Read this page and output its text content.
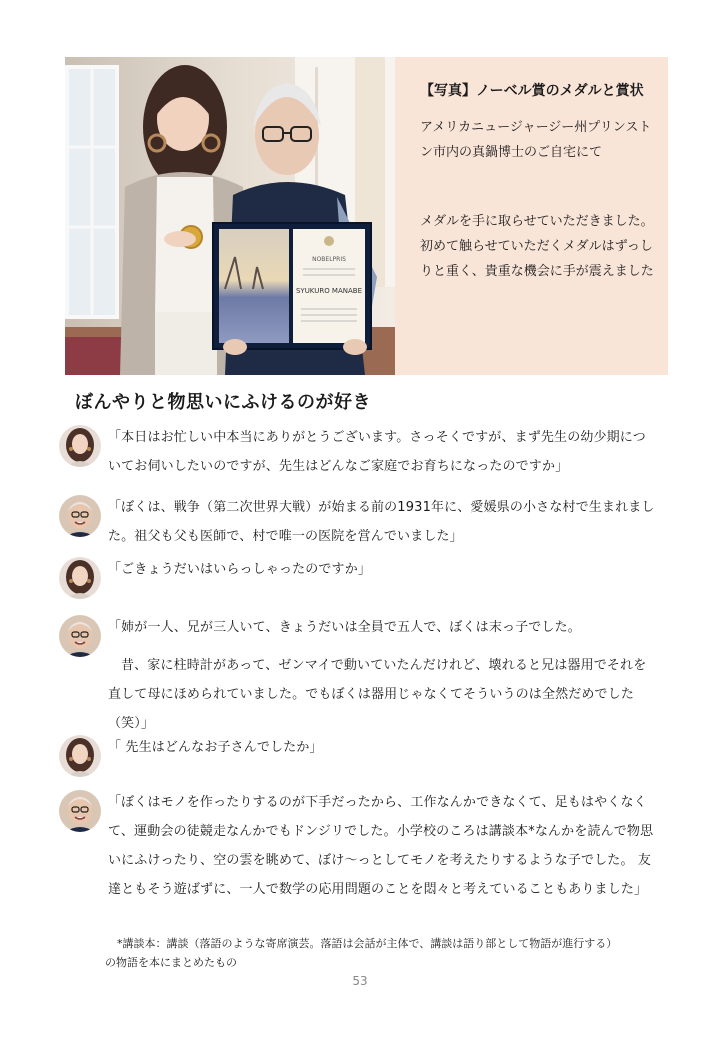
NOBELPRIS
SYUKURO MANABE
【写真】ノーベル賞のメダルと賞状
アメリカニュージャージー州プリンストン市内の真鍋博士のご自宅にて
メダルを手に取らせていただきました。初めて触らせていただくメダルはずっしりと重く、貴重な機会に手が震えました
ぼんやりと物思いにふけるのが好き

「本日はお忙しい中本当にありがとうございます。さっそくですが、まず先生の幼少期についてお伺いしたいのですが、先生はどんなご家庭でお育ちになったのですか」

「ぼくは、戦争（第二次世界大戦）が始まる前の1931年に、愛媛県の小さな村で生まれました。祖父も父も医師で、村で唯一の医院を営んでいました」

「ごきょうだいはいらっしゃったのですか」

「姉が一人、兄が三人いて、きょうだいは全員で五人で、ぼくは末っ子でした。

昔、家に柱時計があって、ゼンマイで動いていたんだけれど、壊れると兄は器用でそれを直して母にほめられていました。でもぼくは器用じゃなくてそういうのは全然だめでした（笑）」

「 先生はどんなお子さんでしたか」

「ぼくはモノを作ったりするのが下手だったから、工作なんかできなくて、足もはやくなくて、運動会の徒競走なんかでもドンジリでした。小学校のころは講談本*なんかを読んで物思いにふけったり、空の雲を眺めて、ぼけ～っとしてモノを考えたりするような子でした。 友達ともそう遊ばずに、一人で数学の応用問題のことを悶々と考えていることもありました」

*講談本：講談（落語のような寄席演芸。落語は会話が主体で、講談は語り部として物語が進行する）

の物語を本にまとめたもの

53
